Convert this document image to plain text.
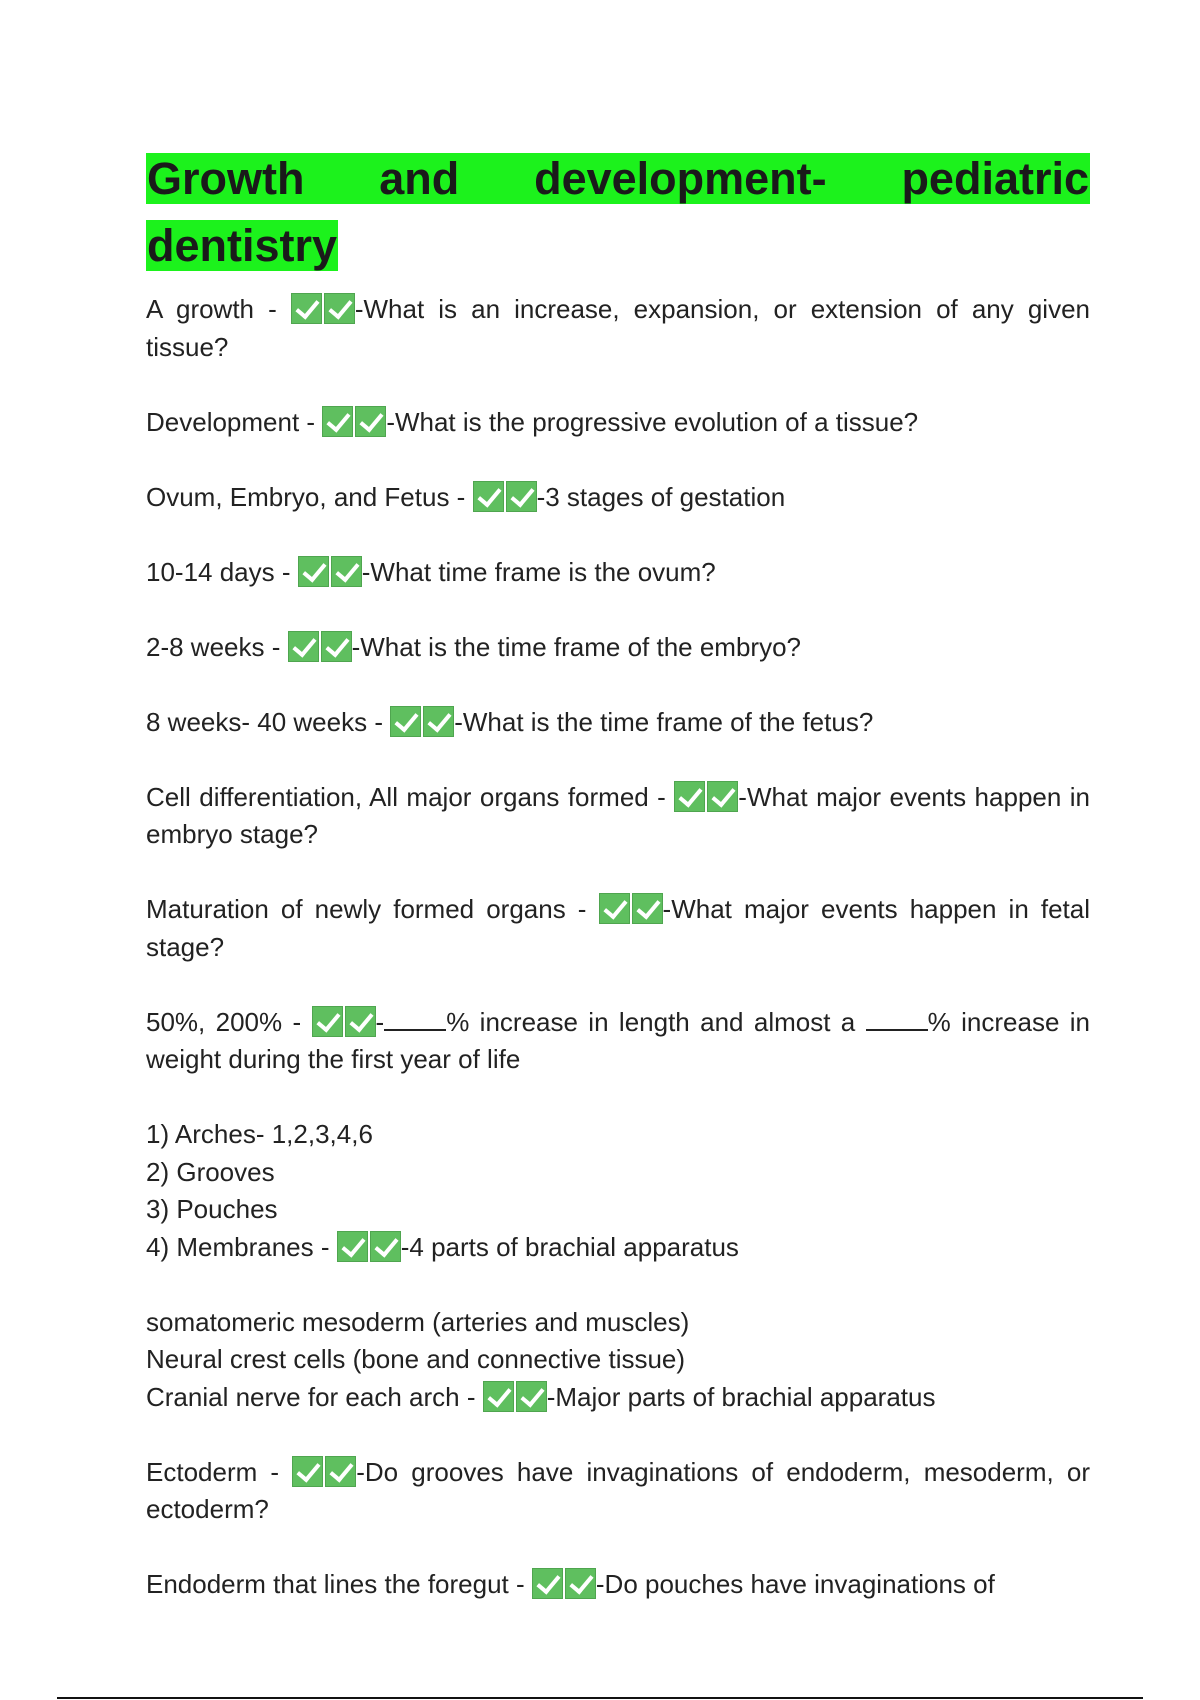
Growth and development- pediatric dentistry
A growth - -What is an increase, expansion, or extension of any given tissue?
Development - -What is the progressive evolution of a tissue?
Ovum, Embryo, and Fetus - -3 stages of gestation
10-14 days - -What time frame is the ovum?
2-8 weeks - -What is the time frame of the embryo?
8 weeks- 40 weeks - -What is the time frame of the fetus?
Cell differentiation, All major organs formed - -What major events happen in embryo stage?
Maturation of newly formed organs - -What major events happen in fetal stage?
50%, 200% - - % increase in length and almost a % increase in weight during the first year of life
1) Arches- 1,2,3,4,6
2) Grooves
3) Pouches
4) Membranes - -4 parts of brachial apparatus
somatomeric mesoderm (arteries and muscles)
Neural crest cells (bone and connective tissue)
Cranial nerve for each arch - -Major parts of brachial apparatus
Ectoderm - -Do grooves have invaginations of endoderm, mesoderm, or ectoderm?
Endoderm that lines the foregut - -Do pouches have invaginations of
